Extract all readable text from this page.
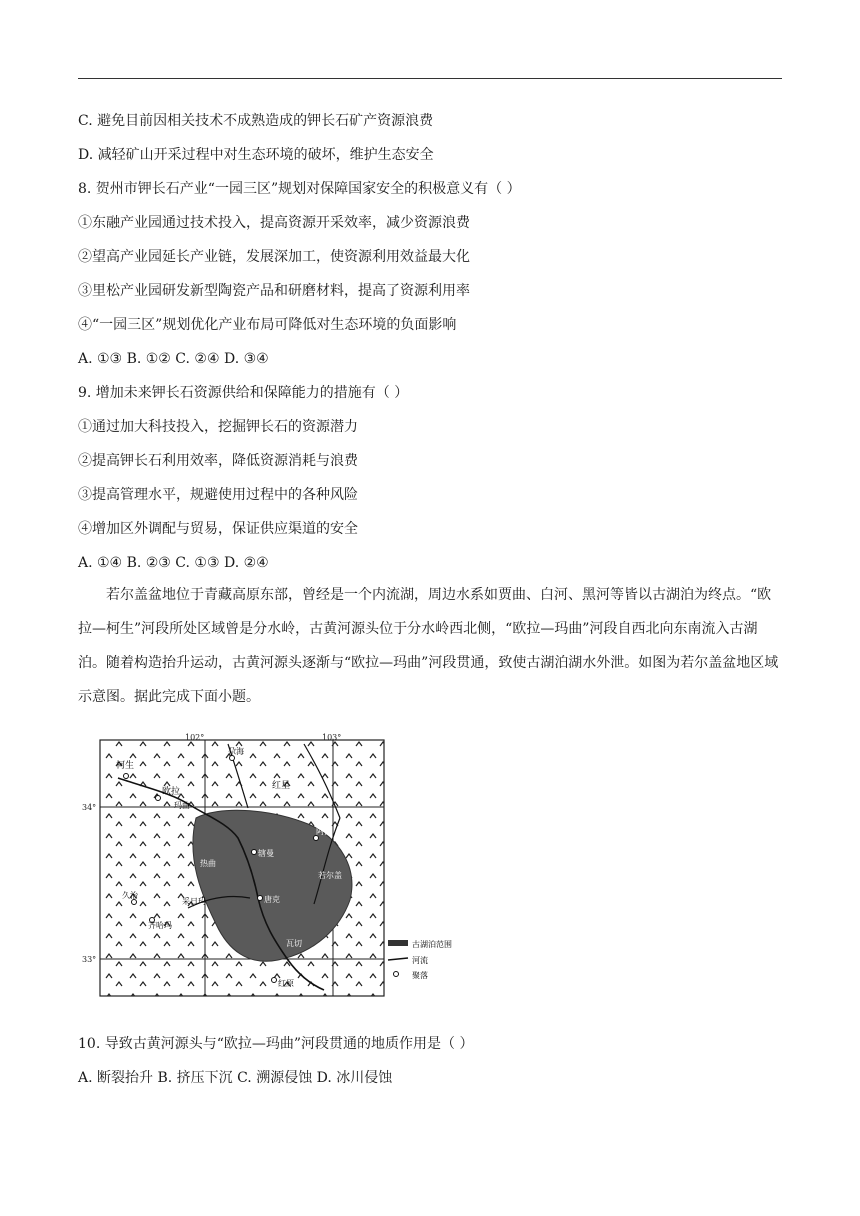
C. 避免目前因相关技术不成熟造成的钾长石矿产资源浪费
D. 减轻矿山开采过程中对生态环境的破坏，维护生态安全
8. 贺州市钾长石产业“一园三区”规划对保障国家安全的积极意义有（ ）
①东融产业园通过技术投入，提高资源开采效率，减少资源浪费
②望高产业园延长产业链，发展深加工，使资源利用效益最大化
③里松产业园研发新型陶瓷产品和研磨材料，提高了资源利用率
④“一园三区”规划优化产业布局可降低对生态环境的负面影响
A. ①③ B. ①② C. ②④ D. ③④
9. 增加未来钾长石资源供给和保障能力的措施有（ ）
①通过加大科技投入，挖掘钾长石的资源潜力
②提高钾长石利用效率，降低资源消耗与浪费
③提高管理水平，规避使用过程中的各种风险
④增加区外调配与贸易，保证供应渠道的安全
A. ①④ B. ②③ C. ①③ D. ②④
若尔盖盆地位于青藏高原东部，曾经是一个内流湖，周边水系如贾曲、白河、黑河等皆以古湖泊为终点。“欧拉—柯生”河段所处区域曾是分水岭，古黄河源头位于分水岭西北侧，“欧拉—玛曲”河段自西北向东南流入古湖泊。随着构造抬升运动，古黄河源头逐渐与“欧拉—玛曲”河段贯通，致使古湖泊湖水外泄。如图为若尔盖盆地区域示意图。据此完成下面小题。
102°	103°
34°
33°
柯生
欧拉
玛曲
尕海
红星
辖曼
阿西
若尔盖
唐克
瓦切
久治
齐哈玛
采日玛
红原
热曲
古湖泊范围
河流
聚落
10. 导致古黄河源头与“欧拉—玛曲”河段贯通的地质作用是（ ）
A. 断裂抬升 B. 挤压下沉 C. 溯源侵蚀 D. 冰川侵蚀
